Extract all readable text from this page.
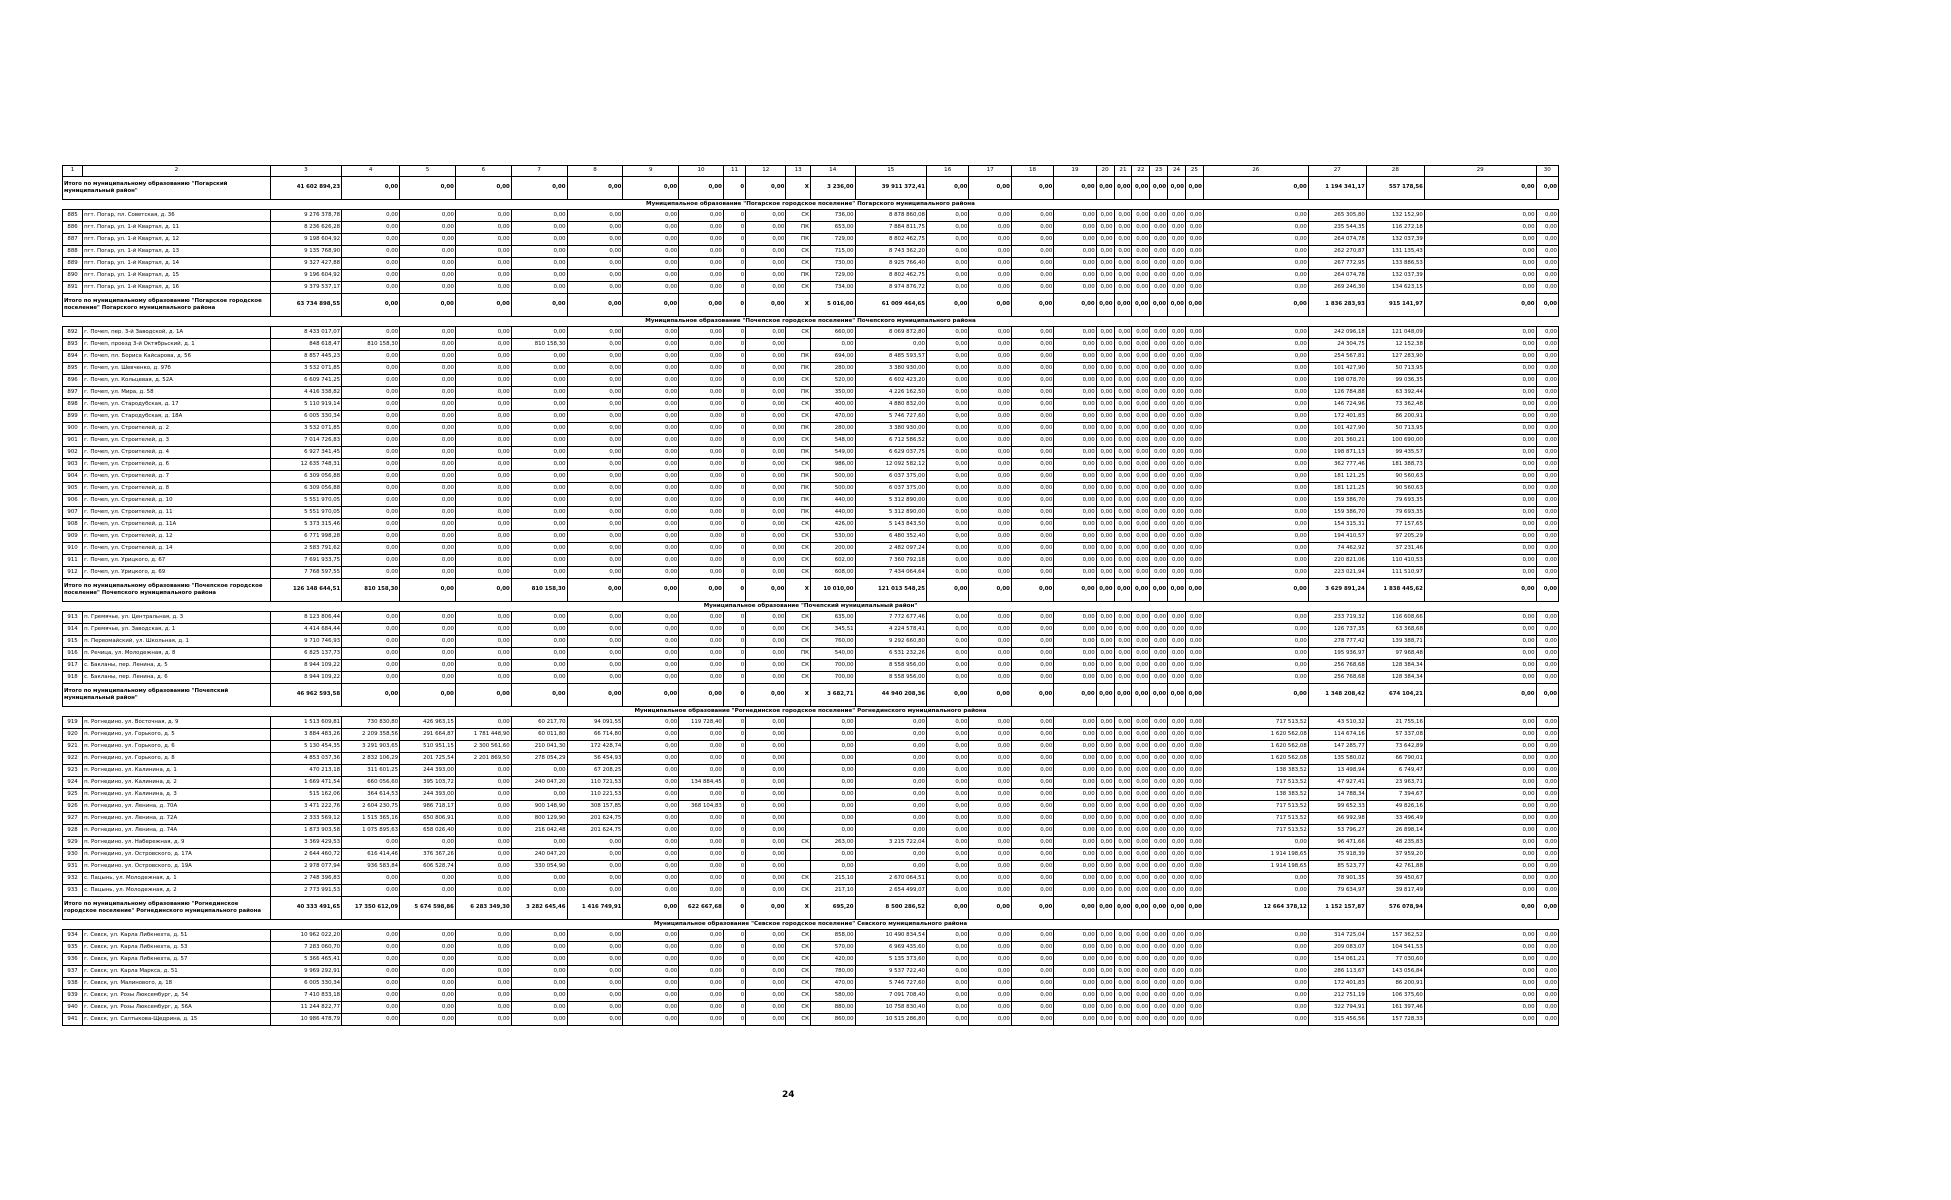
1	2	3	4	5	6	7	8	9	10	11	12	13	14	15	16	17	18	19	20	21	22	23	24	25	26	27	28	29	30
Итого по муниципальному образованию "Погарский муниципальный район"		41 602 894,23	0,00	0,00	0,00	0,00	0,00	0,00	0,00	0	0,00	X	3 236,00	39 911 372,41	0,00	0,00	0,00	0,00	0,00	0,00	0,00	0,00	0,00	0,00	0,00	1 194 341,17	557 178,56	0,00	0,00
Муниципальное образование "Погарское городское поселение" Погарского муниципального района																													
885	пгт. Погар, пл. Советская, д. 36	9 276 378,78	0,00	0,00	0,00	0,00	0,00	0,00	0,00	0	0,00	СК	736,00	8 878 860,08	0,00	0,00	0,00	0,00	0,00	0,00	0,00	0,00	0,00	0,00	0,00	265 305,80	132 152,90	0,00	0,00
886	пгт. Погар, ул. 1-й Квартал, д. 11	8 236 626,28	0,00	0,00	0,00	0,00	0,00	0,00	0,00	0	0,00	ПК	653,00	7 884 811,75	0,00	0,00	0,00	0,00	0,00	0,00	0,00	0,00	0,00	0,00	0,00	235 544,35	116 272,18	0,00	0,00
887	пгт. Погар, ул. 1-й Квартал, д. 12	9 198 604,92	0,00	0,00	0,00	0,00	0,00	0,00	0,00	0	0,00	ПК	729,00	8 802 462,75	0,00	0,00	0,00	0,00	0,00	0,00	0,00	0,00	0,00	0,00	0,00	264 074,78	132 037,39	0,00	0,00
888	пгт. Погар, ул. 1-й Квартал, д. 13	9 135 768,90	0,00	0,00	0,00	0,00	0,00	0,00	0,00	0	0,00	СК	715,00	8 743 362,20	0,00	0,00	0,00	0,00	0,00	0,00	0,00	0,00	0,00	0,00	0,00	262 270,87	131 135,43	0,00	0,00
889	пгт. Погар, ул. 1-й Квартал, д. 14	9 327 427,88	0,00	0,00	0,00	0,00	0,00	0,00	0,00	0	0,00	СК	730,00	8 925 766,40	0,00	0,00	0,00	0,00	0,00	0,00	0,00	0,00	0,00	0,00	0,00	267 772,95	133 886,53	0,00	0,00
890	пгт. Погар, ул. 1-й Квартал, д. 15	9 196 604,92	0,00	0,00	0,00	0,00	0,00	0,00	0,00	0	0,00	ПК	729,00	8 802 462,75	0,00	0,00	0,00	0,00	0,00	0,00	0,00	0,00	0,00	0,00	0,00	264 074,78	132 037,39	0,00	0,00
891	пгт. Погар, ул. 1-й Квартал, д. 16	9 379 537,17	0,00	0,00	0,00	0,00	0,00	0,00	0,00	0	0,00	СК	734,00	8 974 876,72	0,00	0,00	0,00	0,00	0,00	0,00	0,00	0,00	0,00	0,00	0,00	269 246,30	134 623,15	0,00	0,00
Итого по муниципальному образованию "Погарское городское поселение" Погарского муниципального района		63 734 898,55	0,00	0,00	0,00	0,00	0,00	0,00	0,00	0	0,00	X	5 016,00	61 009 464,65	0,00	0,00	0,00	0,00	0,00	0,00	0,00	0,00	0,00	0,00	0,00	1 836 283,93	915 141,97	0,00	0,00
Муниципальное образование "Почепское городское поселение" Почепского муниципального района																													
892	г. Почеп, пер. 3-й Заводской, д. 1А	8 433 017,07	0,00	0,00	0,00	0,00	0,00	0,00	0,00	0	0,00	СК	660,00	8 069 872,80	0,00	0,00	0,00	0,00	0,00	0,00	0,00	0,00	0,00	0,00	0,00	242 096,18	121 048,09	0,00	0,00
893	г. Почеп, проезд 3-й Октябрьский, д. 1	848 618,47	810 158,30	0,00	0,00	810 158,30	0,00	0,00	0,00	0	0,00		0,00	0,00	0,00	0,00	0,00	0,00	0,00	0,00	0,00	0,00	0,00	0,00	0,00	24 304,75	12 152,38	0,00	0,00
894	г. Почеп, пл. Бориса Кайсарова, д. 56	8 857 445,23	0,00	0,00	0,00	0,00	0,00	0,00	0,00	0	0,00	ПК	694,00	8 485 593,57	0,00	0,00	0,00	0,00	0,00	0,00	0,00	0,00	0,00	0,00	0,00	254 567,81	127 283,90	0,00	0,00
895	г. Почеп, ул. Шевченко, д. 97б	3 532 071,85	0,00	0,00	0,00	0,00	0,00	0,00	0,00	0	0,00	ПК	280,00	3 380 930,00	0,00	0,00	0,00	0,00	0,00	0,00	0,00	0,00	0,00	0,00	0,00	101 427,90	50 713,95	0,00	0,00
896	г. Почеп, ул. Кольцевая, д. 52А	6 609 741,25	0,00	0,00	0,00	0,00	0,00	0,00	0,00	0	0,00	СК	520,00	6 602 423,20	0,00	0,00	0,00	0,00	0,00	0,00	0,00	0,00	0,00	0,00	0,00	198 078,70	99 036,35	0,00	0,00
897	г. Почеп, ул. Мира, д. 58	4 416 338,82	0,00	0,00	0,00	0,00	0,00	0,00	0,00	0	0,00	ПК	350,00	4 226 162,50	0,00	0,00	0,00	0,00	0,00	0,00	0,00	0,00	0,00	0,00	0,00	126 784,88	63 392,44	0,00	0,00
898	г. Почеп, ул. Стародубская, д. 17	5 110 919,14	0,00	0,00	0,00	0,00	0,00	0,00	0,00	0	0,00	СК	400,00	4 880 832,00	0,00	0,00	0,00	0,00	0,00	0,00	0,00	0,00	0,00	0,00	0,00	146 724,96	73 362,48	0,00	0,00
899	г. Почеп, ул. Стародубская, д. 18А	6 005 330,34	0,00	0,00	0,00	0,00	0,00	0,00	0,00	0	0,00	СК	470,00	5 746 727,60	0,00	0,00	0,00	0,00	0,00	0,00	0,00	0,00	0,00	0,00	0,00	172 401,83	86 200,91	0,00	0,00
900	г. Почеп, ул. Строителей, д. 2	3 532 071,85	0,00	0,00	0,00	0,00	0,00	0,00	0,00	0	0,00	ПК	280,00	3 380 930,00	0,00	0,00	0,00	0,00	0,00	0,00	0,00	0,00	0,00	0,00	0,00	101 427,90	50 713,95	0,00	0,00
901	г. Почеп, ул. Строителей, д. 3	7 014 726,83	0,00	0,00	0,00	0,00	0,00	0,00	0,00	0	0,00	СК	548,00	6 712 586,52	0,00	0,00	0,00	0,00	0,00	0,00	0,00	0,00	0,00	0,00	0,00	201 360,21	100 690,00	0,00	0,00
902	г. Почеп, ул. Строителей, д. 4	6 927 341,45	0,00	0,00	0,00	0,00	0,00	0,00	0,00	0	0,00	ПК	549,00	6 629 037,75	0,00	0,00	0,00	0,00	0,00	0,00	0,00	0,00	0,00	0,00	0,00	198 871,13	99 435,57	0,00	0,00
903	г. Почеп, ул. Строителей, д. 6	12 635 748,31	0,00	0,00	0,00	0,00	0,00	0,00	0,00	0	0,00	СК	986,00	12 092 582,12	0,00	0,00	0,00	0,00	0,00	0,00	0,00	0,00	0,00	0,00	0,00	362 777,46	181 388,73	0,00	0,00
904	г. Почеп, ул. Строителей, д. 7	6 309 056,88	0,00	0,00	0,00	0,00	0,00	0,00	0,00	0	0,00	ПК	500,00	6 037 375,00	0,00	0,00	0,00	0,00	0,00	0,00	0,00	0,00	0,00	0,00	0,00	181 121,25	90 560,63	0,00	0,00
905	г. Почеп, ул. Строителей, д. 8	6 309 056,88	0,00	0,00	0,00	0,00	0,00	0,00	0,00	0	0,00	ПК	500,00	6 037 375,00	0,00	0,00	0,00	0,00	0,00	0,00	0,00	0,00	0,00	0,00	0,00	181 121,25	90 560,63	0,00	0,00
906	г. Почеп, ул. Строителей, д. 10	5 551 970,05	0,00	0,00	0,00	0,00	0,00	0,00	0,00	0	0,00	ПК	440,00	5 312 890,00	0,00	0,00	0,00	0,00	0,00	0,00	0,00	0,00	0,00	0,00	0,00	159 386,70	79 693,35	0,00	0,00
907	г. Почеп, ул. Строителей, д. 11	5 551 970,05	0,00	0,00	0,00	0,00	0,00	0,00	0,00	0	0,00	ПК	440,00	5 312 890,00	0,00	0,00	0,00	0,00	0,00	0,00	0,00	0,00	0,00	0,00	0,00	159 386,70	79 693,35	0,00	0,00
908	г. Почеп, ул. Строителей, д. 11А	5 373 315,46	0,00	0,00	0,00	0,00	0,00	0,00	0,00	0	0,00	СК	426,00	5 143 843,50	0,00	0,00	0,00	0,00	0,00	0,00	0,00	0,00	0,00	0,00	0,00	154 315,31	77 157,65	0,00	0,00
909	г. Почеп, ул. Строителей, д. 12	6 771 998,28	0,00	0,00	0,00	0,00	0,00	0,00	0,00	0	0,00	СК	530,00	6 480 352,40	0,00	0,00	0,00	0,00	0,00	0,00	0,00	0,00	0,00	0,00	0,00	194 410,57	97 205,29	0,00	0,00
910	г. Почеп, ул. Строителей, д. 14	2 583 791,62	0,00	0,00	0,00	0,00	0,00	0,00	0,00	0	0,00	СК	200,00	2 482 097,24	0,00	0,00	0,00	0,00	0,00	0,00	0,00	0,00	0,00	0,00	0,00	74 462,92	37 231,46	0,00	0,00
911	г. Почеп, ул. Урицкого, д. 67	7 691 933,75	0,00	0,00	0,00	0,00	0,00	0,00	0,00	0	0,00	СК	602,00	7 360 792,18	0,00	0,00	0,00	0,00	0,00	0,00	0,00	0,00	0,00	0,00	0,00	220 821,06	110 410,53	0,00	0,00
912	г. Почеп, ул. Урицкого, д. 69	7 768 597,55	0,00	0,00	0,00	0,00	0,00	0,00	0,00	0	0,00	СК	608,00	7 434 064,64	0,00	0,00	0,00	0,00	0,00	0,00	0,00	0,00	0,00	0,00	0,00	223 021,94	111 510,97	0,00	0,00
Итого по муниципальному образованию "Почепское городское поселение" Почепского муниципального района		126 148 644,51	810 158,30	0,00	0,00	810 158,30	0,00	0,00	0,00	0	0,00	X	10 010,00	121 013 548,25	0,00	0,00	0,00	0,00	0,00	0,00	0,00	0,00	0,00	0,00	0,00	3 629 891,24	1 838 445,62	0,00	0,00
Муниципальное образование "Почепский муниципальный район"																													
913	п. Гремячье, ул. Центральная, д. 3	8 123 806,44	0,00	0,00	0,00	0,00	0,00	0,00	0,00	0	0,00	СК	635,00	7 772 677,46	0,00	0,00	0,00	0,00	0,00	0,00	0,00	0,00	0,00	0,00	0,00	233 719,32	116 608,66	0,00	0,00
914	п. Гремячье, ул. Заводская, д. 1	4 414 684,44	0,00	0,00	0,00	0,00	0,00	0,00	0,00	0	0,00	СК	345,51	4 224 578,41	0,00	0,00	0,00	0,00	0,00	0,00	0,00	0,00	0,00	0,00	0,00	126 737,35	63 368,68	0,00	0,00
915	п. Первомайский, ул. Школьная, д. 1	9 710 746,93	0,00	0,00	0,00	0,00	0,00	0,00	0,00	0	0,00	СК	760,00	9 292 660,80	0,00	0,00	0,00	0,00	0,00	0,00	0,00	0,00	0,00	0,00	0,00	278 777,42	139 388,71	0,00	0,00
916	п. Речица, ул. Молодежная, д. 8	6 825 137,73	0,00	0,00	0,00	0,00	0,00	0,00	0,00	0	0,00	ПК	540,00	6 531 232,26	0,00	0,00	0,00	0,00	0,00	0,00	0,00	0,00	0,00	0,00	0,00	195 936,97	97 968,48	0,00	0,00
917	с. Бакланы, пер. Ленина, д. 5	8 944 109,22	0,00	0,00	0,00	0,00	0,00	0,00	0,00	0	0,00	СК	700,00	8 558 956,00	0,00	0,00	0,00	0,00	0,00	0,00	0,00	0,00	0,00	0,00	0,00	256 768,68	128 384,34	0,00	0,00
918	с. Бакланы, пер. Ленина, д. 6	8 944 109,22	0,00	0,00	0,00	0,00	0,00	0,00	0,00	0	0,00	СК	700,00	8 558 956,00	0,00	0,00	0,00	0,00	0,00	0,00	0,00	0,00	0,00	0,00	0,00	256 768,68	128 384,34	0,00	0,00
Итого по муниципальному образованию "Почепский муниципальный район"		46 962 593,58	0,00	0,00	0,00	0,00	0,00	0,00	0,00	0	0,00	X	3 682,71	44 940 208,36	0,00	0,00	0,00	0,00	0,00	0,00	0,00	0,00	0,00	0,00	0,00	1 348 208,42	674 104,21	0,00	0,00
Муниципальное образование "Рогнединское городское поселение" Рогнединского муниципального района																													
919	п. Рогнедино, ул. Восточная, д. 9	1 513 609,81	730 830,80	426 963,15	0,00	60 217,70	94 091,55	0,00	119 728,40	0	0,00		0,00	0,00	0,00	0,00	0,00	0,00	0,00	0,00	0,00	0,00	0,00	0,00	717 513,52	43 510,32	21 755,16	0,00	0,00
920	п. Рогнедино, ул. Горького, д. 5	3 884 483,26	2 209 358,56	291 664,87	1 781 448,90	60 011,80	66 714,80	0,00	0,00	0	0,00		0,00	0,00	0,00	0,00	0,00	0,00	0,00	0,00	0,00	0,00	0,00	0,00	1 620 562,08	114 674,16	57 337,08	0,00	0,00
921	п. Рогнедино, ул. Горького, д. 6	5 130 454,35	3 291 903,65	510 951,15	2 300 561,60	210 041,30	172 428,74	0,00	0,00	0	0,00		0,00	0,00	0,00	0,00	0,00	0,00	0,00	0,00	0,00	0,00	0,00	0,00	1 620 562,08	147 285,77	73 642,89	0,00	0,00
922	п. Рогнедино, ул. Горького, д. 8	4 853 037,36	2 832 106,29	201 725,54	2 201 869,50	278 054,29	56 454,93	0,00	0,00	0	0,00		0,00	0,00	0,00	0,00	0,00	0,00	0,00	0,00	0,00	0,00	0,00	0,00	1 620 562,08	135 580,02	66 790,01	0,00	0,00
923	п. Рогнедино, ул. Калинина, д. 1	470 213,18	311 601,25	244 393,00	0,00	0,00	67 208,25	0,00	0,00	0	0,00		0,00	0,00	0,00	0,00	0,00	0,00	0,00	0,00	0,00	0,00	0,00	0,00	138 383,52	13 498,94	6 749,47	0,00	0,00
924	п. Рогнедино, ул. Калинина, д. 2	1 669 471,54	660 056,60	395 103,72	0,00	240 047,20	110 721,53	0,00	134 884,45	0	0,00		0,00	0,00	0,00	0,00	0,00	0,00	0,00	0,00	0,00	0,00	0,00	0,00	717 513,52	47 927,41	23 963,71	0,00	0,00
925	п. Рогнедино, ул. Калинина, д. 3	515 162,06	364 614,53	244 393,00	0,00	0,00	110 221,53	0,00	0,00	0	0,00		0,00	0,00	0,00	0,00	0,00	0,00	0,00	0,00	0,00	0,00	0,00	0,00	138 383,52	14 788,34	7 394,67	0,00	0,00
926	п. Рогнедино, ул. Ленина, д. 70А	3 471 222,76	2 604 230,75	986 718,17	0,00	900 148,90	308 157,85	0,00	368 104,83	0	0,00		0,00	0,00	0,00	0,00	0,00	0,00	0,00	0,00	0,00	0,00	0,00	0,00	717 513,52	99 652,33	49 826,16	0,00	0,00
927	п. Рогнедино, ул. Ленина, д. 72А	2 333 569,12	1 515 365,16	650 806,91	0,00	800 129,90	201 624,75	0,00	0,00	0	0,00		0,00	0,00	0,00	0,00	0,00	0,00	0,00	0,00	0,00	0,00	0,00	0,00	717 513,52	66 992,98	33 496,49	0,00	0,00
928	п. Рогнедино, ул. Ленина, д. 74А	1 873 903,58	1 075 895,63	658 026,40	0,00	216 042,48	201 624,75	0,00	0,00	0	0,00		0,00	0,00	0,00	0,00	0,00	0,00	0,00	0,00	0,00	0,00	0,00	0,00	717 513,52	53 796,27	26 898,14	0,00	0,00
929	п. Рогнедино, ул. Набережная, д. 9	3 369 429,53	0,00	0,00	0,00	0,00	0,00	0,00	0,00	0	0,00	СК	263,00	3 215 722,04	0,00	0,00	0,00	0,00	0,00	0,00	0,00	0,00	0,00	0,00	0,00	96 471,66	48 235,83	0,00	0,00
930	п. Рогнедино, ул. Островского, д. 17А	2 644 460,72	616 414,46	376 367,26	0,00	240 047,20	0,00	0,00	0,00	0	0,00		0,00	0,00	0,00	0,00	0,00	0,00	0,00	0,00	0,00	0,00	0,00	0,00	1 914 198,65	75 918,39	37 959,20	0,00	0,00
931	п. Рогнедино, ул. Островского, д. 19А	2 978 077,94	936 583,84	606 528,74	0,00	330 054,90	0,00	0,00	0,00	0	0,00		0,00	0,00	0,00	0,00	0,00	0,00	0,00	0,00	0,00	0,00	0,00	0,00	1 914 198,65	85 523,77	42 761,88	0,00	0,00
932	с. Пацынь, ул. Молодежная, д. 1	2 748 396,83	0,00	0,00	0,00	0,00	0,00	0,00	0,00	0	0,00	СК	215,10	2 670 064,51	0,00	0,00	0,00	0,00	0,00	0,00	0,00	0,00	0,00	0,00	0,00	78 901,35	39 450,67	0,00	0,00
933	с. Пацынь, ул. Молодежная, д. 2	2 773 991,53	0,00	0,00	0,00	0,00	0,00	0,00	0,00	0	0,00	СК	217,10	2 654 499,07	0,00	0,00	0,00	0,00	0,00	0,00	0,00	0,00	0,00	0,00	0,00	79 634,97	39 817,49	0,00	0,00
Итого по муниципальному образованию "Рогнединское городское поселение" Рогнединского муниципального района		40 333 491,65	17 350 612,09	5 674 598,86	6 283 349,30	3 282 645,46	1 416 749,91	0,00	622 667,68	0	0,00	X	695,20	8 500 286,52	0,00	0,00	0,00	0,00	0,00	0,00	0,00	0,00	0,00	0,00	12 664 378,12	1 152 157,87	576 078,94	0,00	0,00
Муниципальное образование "Севское городское поселение" Севского муниципального района																													
934	г. Севск, ул. Карла Либкнехта, д. 51	10 962 022,20	0,00	0,00	0,00	0,00	0,00	0,00	0,00	0	0,00	СК	858,00	10 490 834,54	0,00	0,00	0,00	0,00	0,00	0,00	0,00	0,00	0,00	0,00	0,00	314 725,04	157 362,52	0,00	0,00
935	г. Севск, ул. Карла Либкнехта, д. 53	7 283 060,70	0,00	0,00	0,00	0,00	0,00	0,00	0,00	0	0,00	СК	570,00	6 969 435,60	0,00	0,00	0,00	0,00	0,00	0,00	0,00	0,00	0,00	0,00	0,00	209 083,07	104 541,53	0,00	0,00
936	г. Севск, ул. Карла Либкнехта, д. 57	5 366 465,41	0,00	0,00	0,00	0,00	0,00	0,00	0,00	0	0,00	СК	420,00	5 135 373,60	0,00	0,00	0,00	0,00	0,00	0,00	0,00	0,00	0,00	0,00	0,00	154 061,21	77 030,60	0,00	0,00
937	г. Севск, ул. Карла Маркса, д. 51	9 969 292,91	0,00	0,00	0,00	0,00	0,00	0,00	0,00	0	0,00	СК	780,00	9 537 722,40	0,00	0,00	0,00	0,00	0,00	0,00	0,00	0,00	0,00	0,00	0,00	286 113,67	143 056,84	0,00	0,00
938	г. Севск, ул. Малинового, д. 18	6 005 330,34	0,00	0,00	0,00	0,00	0,00	0,00	0,00	0	0,00	СК	470,00	5 746 727,60	0,00	0,00	0,00	0,00	0,00	0,00	0,00	0,00	0,00	0,00	0,00	172 401,83	86 200,91	0,00	0,00
939	г. Севск, ул. Розы Люксембург, д. 54	7 410 833,18	0,00	0,00	0,00	0,00	0,00	0,00	0,00	0	0,00	СК	580,00	7 091 708,40	0,00	0,00	0,00	0,00	0,00	0,00	0,00	0,00	0,00	0,00	0,00	212 751,19	106 375,60	0,00	0,00
940	г. Севск, ул. Розы Люксембург, д. 56А	11 244 822,77	0,00	0,00	0,00	0,00	0,00	0,00	0,00	0	0,00	СК	880,00	10 758 830,40	0,00	0,00	0,00	0,00	0,00	0,00	0,00	0,00	0,00	0,00	0,00	322 794,91	161 397,46	0,00	0,00
941	г. Севск, ул. Салтыкова-Щедрина, д. 15	10 986 478,79	0,00	0,00	0,00	0,00	0,00	0,00	0,00	0	0,00	СК	860,00	10 515 286,80	0,00	0,00	0,00	0,00	0,00	0,00	0,00	0,00	0,00	0,00	0,00	315 456,56	157 728,33	0,00	0,00
24
